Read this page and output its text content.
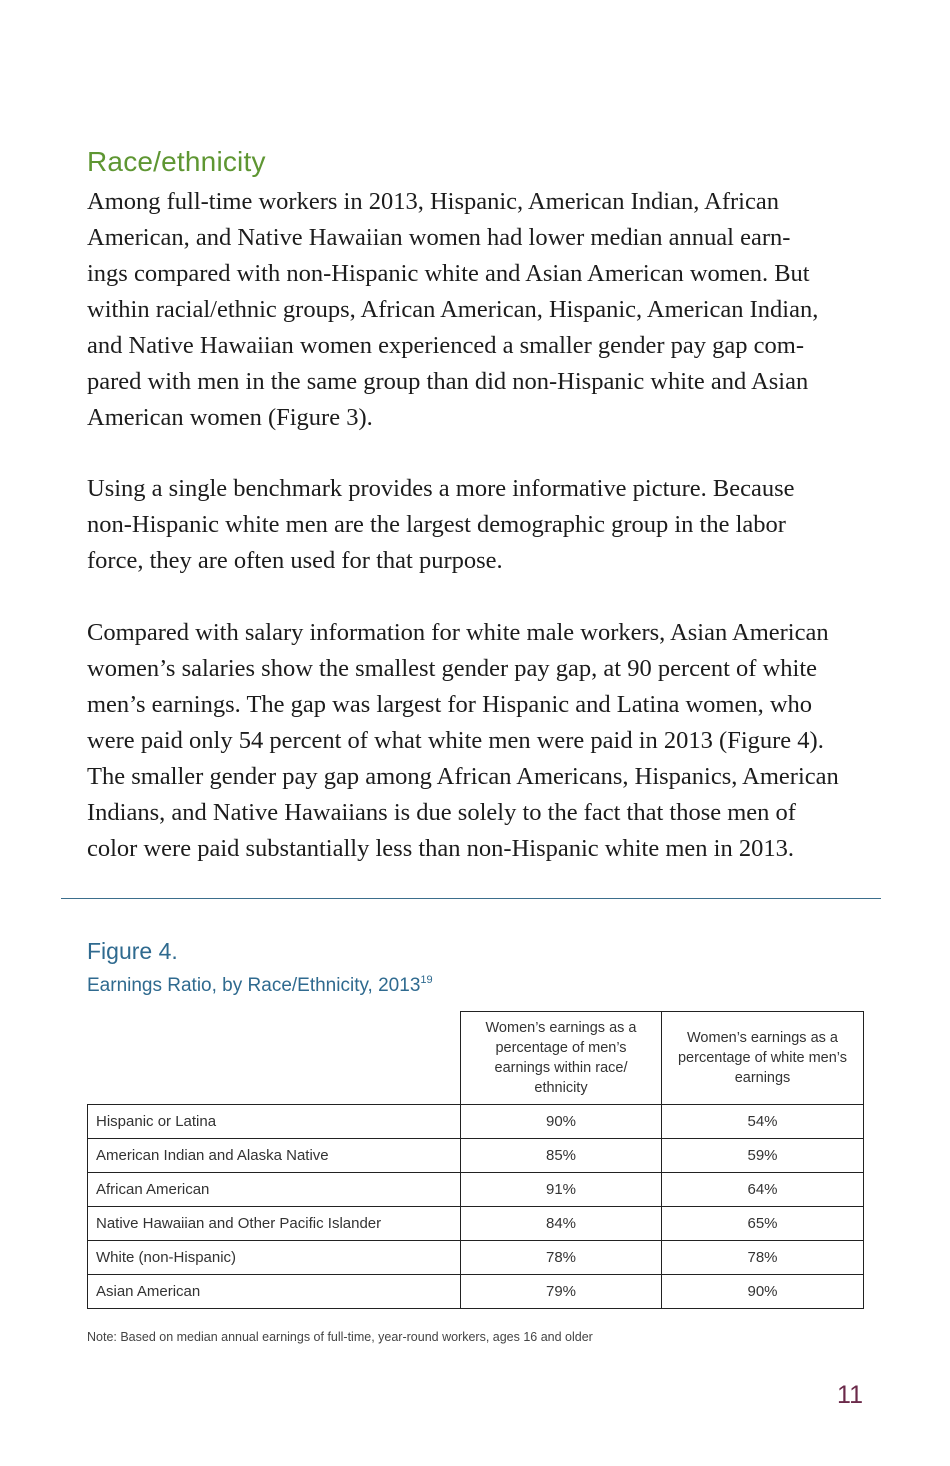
Race/ethnicity
Among full-time workers in 2013, Hispanic, American Indian, African
American, and Native Hawaiian women had lower median annual earn-
ings compared with non-Hispanic white and Asian American women. But
within racial/ethnic groups, African American, Hispanic, American Indian,
and Native Hawaiian women experienced a smaller gender pay gap com-
pared with men in the same group than did non-Hispanic white and Asian
American women (Figure 3).
Using a single benchmark provides a more informative picture. Because
non-Hispanic white men are the largest demographic group in the labor
force, they are often used for that purpose.
Compared with salary information for white male workers, Asian American
women’s salaries show the smallest gender pay gap, at 90 percent of white
men’s earnings. The gap was largest for Hispanic and Latina women, who
were paid only 54 percent of what white men were paid in 2013 (Figure 4).
The smaller gender pay gap among African Americans, Hispanics, American
Indians, and Native Hawaiians is due solely to the fact that those men of
color were paid substantially less than non-Hispanic white men in 2013.
Figure 4.
Earnings Ratio, by Race/Ethnicity, 2013$^{19}$
	Women’s earnings as a percentage of men’s earnings within race/ ethnicity	Women’s earnings as a percentage of white men’s earnings
Hispanic or Latina	90%	54%
American Indian and Alaska Native	85%	59%
African American	91%	64%
Native Hawaiian and Other Pacific Islander	84%	65%
White (non-Hispanic)	78%	78%
Asian American	79%	90%
Note: Based on median annual earnings of full-time, year-round workers, ages 16 and older
11
